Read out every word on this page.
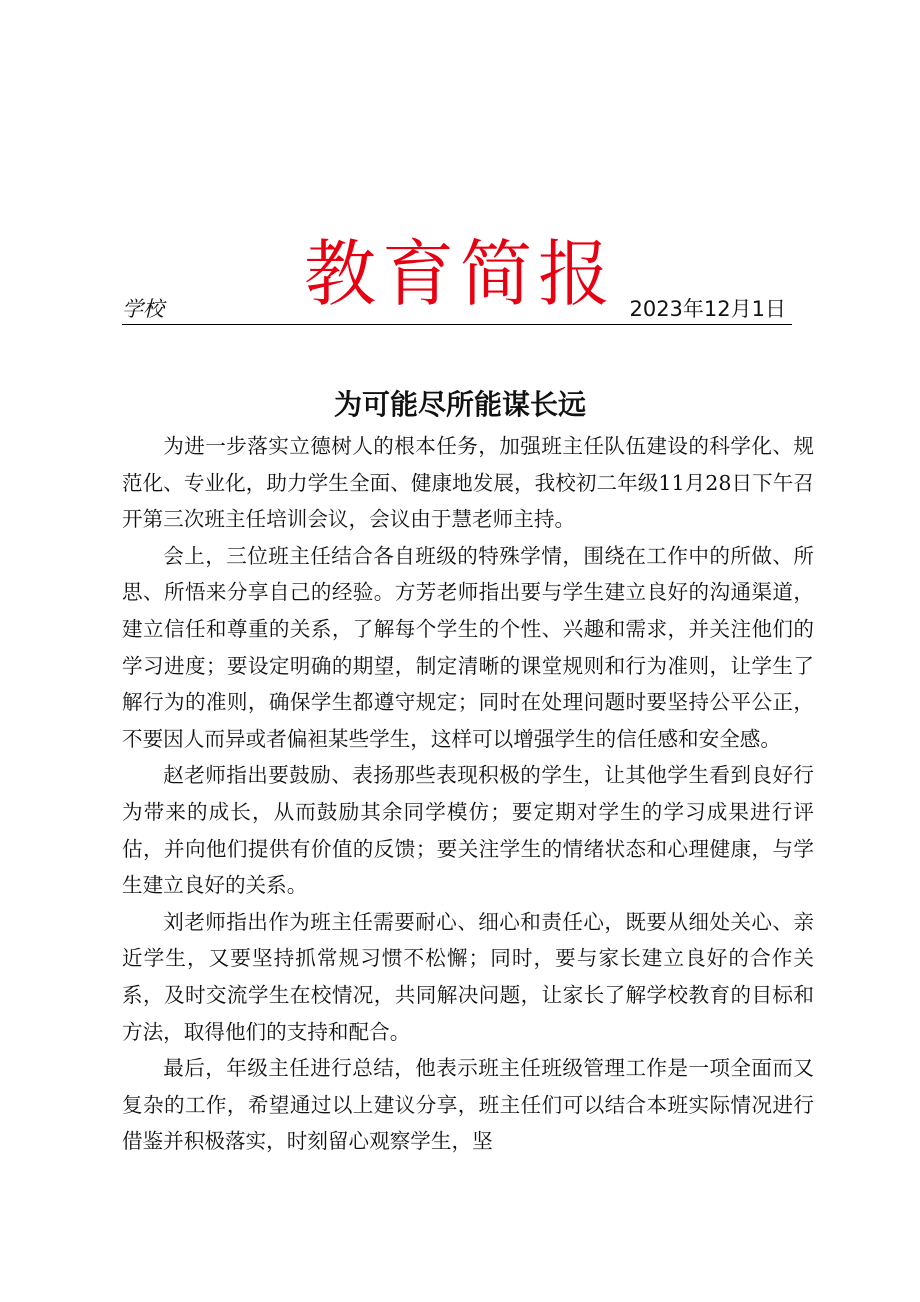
教育简报
学校	2023年12月1日
为可能尽所能谋长远

为进一步落实立德树人的根本任务，加强班主任队伍建设的科学化、规范化、专业化，助力学生全面、健康地发展，我校初二年级11月28日下午召开第三次班主任培训会议，会议由于慧老师主持。

会上，三位班主任结合各自班级的特殊学情，围绕在工作中的所做、所思、所悟来分享自己的经验。方芳老师指出要与学生建立良好的沟通渠道，建立信任和尊重的关系，了解每个学生的个性、兴趣和需求，并关注他们的学习进度；要设定明确的期望，制定清晰的课堂规则和行为准则，让学生了解行为的准则，确保学生都遵守规定；同时在处理问题时要坚持公平公正，不要因人而异或者偏袒某些学生，这样可以增强学生的信任感和安全感。

赵老师指出要鼓励、表扬那些表现积极的学生，让其他学生看到良好行为带来的成长，从而鼓励其余同学模仿；要定期对学生的学习成果进行评估，并向他们提供有价值的反馈；要关注学生的情绪状态和心理健康，与学生建立良好的关系。

刘老师指出作为班主任需要耐心、细心和责任心，既要从细处关心、亲近学生，又要坚持抓常规习惯不松懈；同时，要与家长建立良好的合作关系，及时交流学生在校情况，共同解决问题，让家长了解学校教育的目标和方法，取得他们的支持和配合。

最后，年级主任进行总结，他表示班主任班级管理工作是一项全面而又复杂的工作，希望通过以上建议分享，班主任们可以结合本班实际情况进行借鉴并积极落实，时刻留心观察学生，坚
